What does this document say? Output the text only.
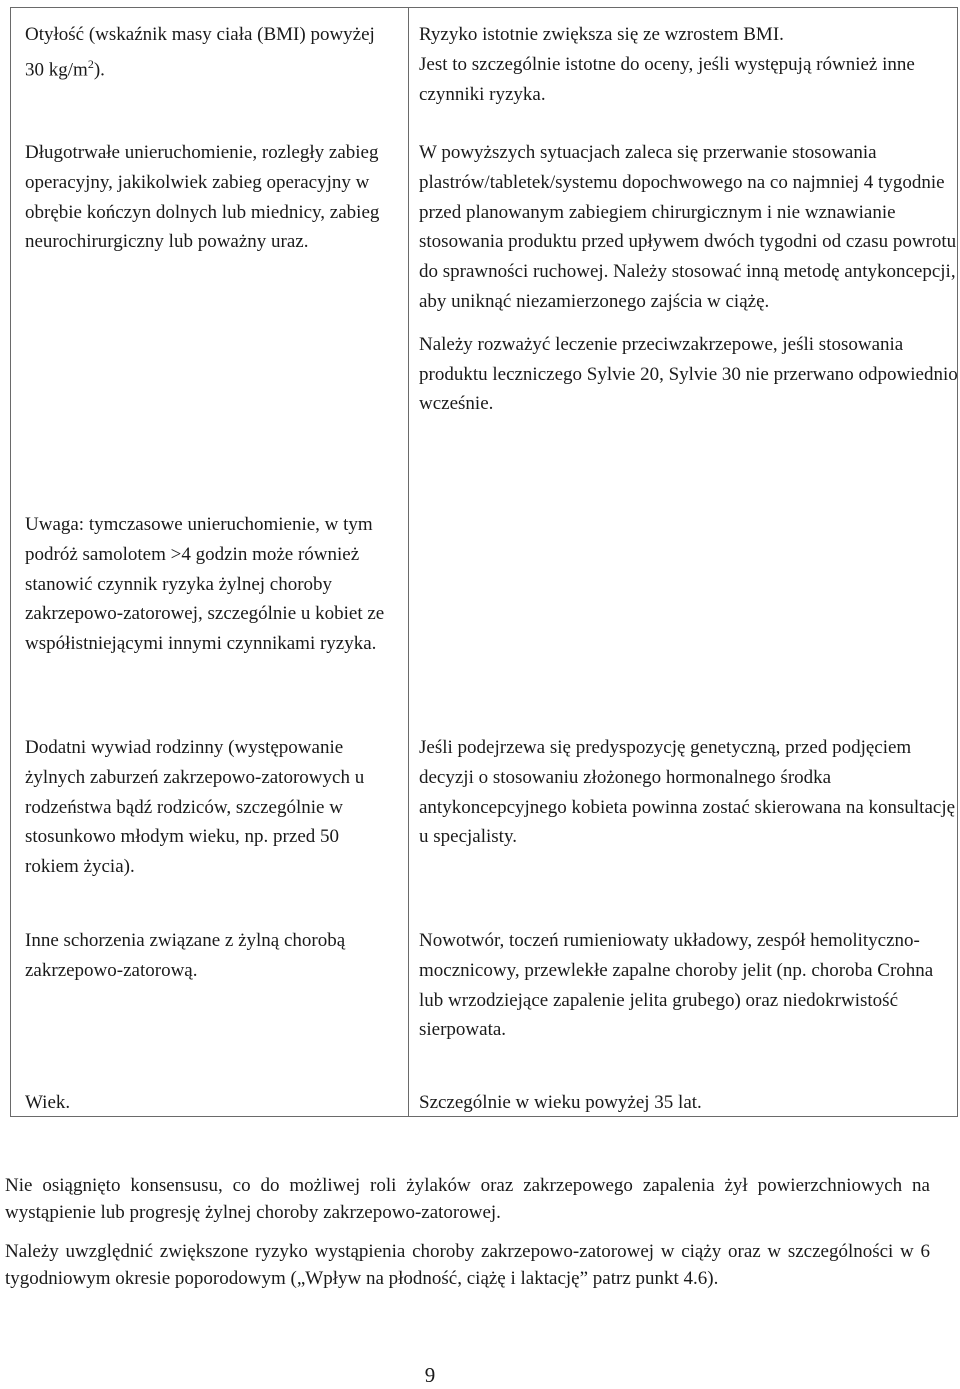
Otyłość (wskaźnik masy ciała (BMI) powyżej 30 $kg/m^2$).

Ryzyko istotnie zwiększa się ze wzrostem BMI.

Jest to szczególnie istotne do oceny, jeśli występują również inne czynniki ryzyka.

Długotrwałe unieruchomienie, rozległy zabieg operacyjny, jakikolwiek zabieg operacyjny w obrębie kończyn dolnych lub miednicy, zabieg neurochirurgiczny lub poważny uraz.

W powyższych sytuacjach zaleca się przerwanie stosowania plastrów/tabletek/systemu dopochwowego na co najmniej 4 tygodnie przed planowanym zabiegiem chirurgicznym i nie wznawianie stosowania produktu przed upływem dwóch tygodni od czasu powrotu do sprawności ruchowej. Należy stosować inną metodę antykoncepcji, aby uniknąć niezamierzonego zajścia w ciążę.

Należy rozważyć leczenie przeciwzakrzepowe, jeśli stosowania produktu leczniczego Sylvie 20, Sylvie 30 nie przerwano odpowiednio wcześnie.

Uwaga: tymczasowe unieruchomienie, w tym podróż samolotem >4 godzin może również stanowić czynnik ryzyka żylnej choroby zakrzepowo-zatorowej, szczególnie u kobiet ze współistniejącymi innymi czynnikami ryzyka.

Dodatni wywiad rodzinny (występowanie żylnych zaburzeń zakrzepowo-zatorowych u rodzeństwa bądź rodziców, szczególnie w stosunkowo młodym wieku, np. przed 50 rokiem życia).

Jeśli podejrzewa się predyspozycję genetyczną, przed podjęciem decyzji o stosowaniu złożonego hormonalnego środka antykoncepcyjnego kobieta powinna zostać skierowana na konsultację u specjalisty.

Inne schorzenia związane z żylną chorobą zakrzepowo-zatorową.

Nowotwór, toczeń rumieniowaty układowy, zespół hemolityczno-mocznicowy, przewlekłe zapalne choroby jelit (np. choroba Crohna lub wrzodziejące zapalenie jelita grubego) oraz niedokrwistość sierpowata.

Wiek.	Szczególnie w wieku powyżej 35 lat.

Nie osiągnięto konsensusu, co do możliwej roli żylaków oraz zakrzepowego zapalenia żył powierzchniowych na wystąpienie lub progresję żylnej choroby zakrzepowo-zatorowej.

Należy uwzględnić zwiększone ryzyko wystąpienia choroby zakrzepowo-zatorowej w ciąży oraz w szczególności w 6 tygodniowym okresie poporodowym („Wpływ na płodność, ciążę i laktację” patrz punkt 4.6).

9
